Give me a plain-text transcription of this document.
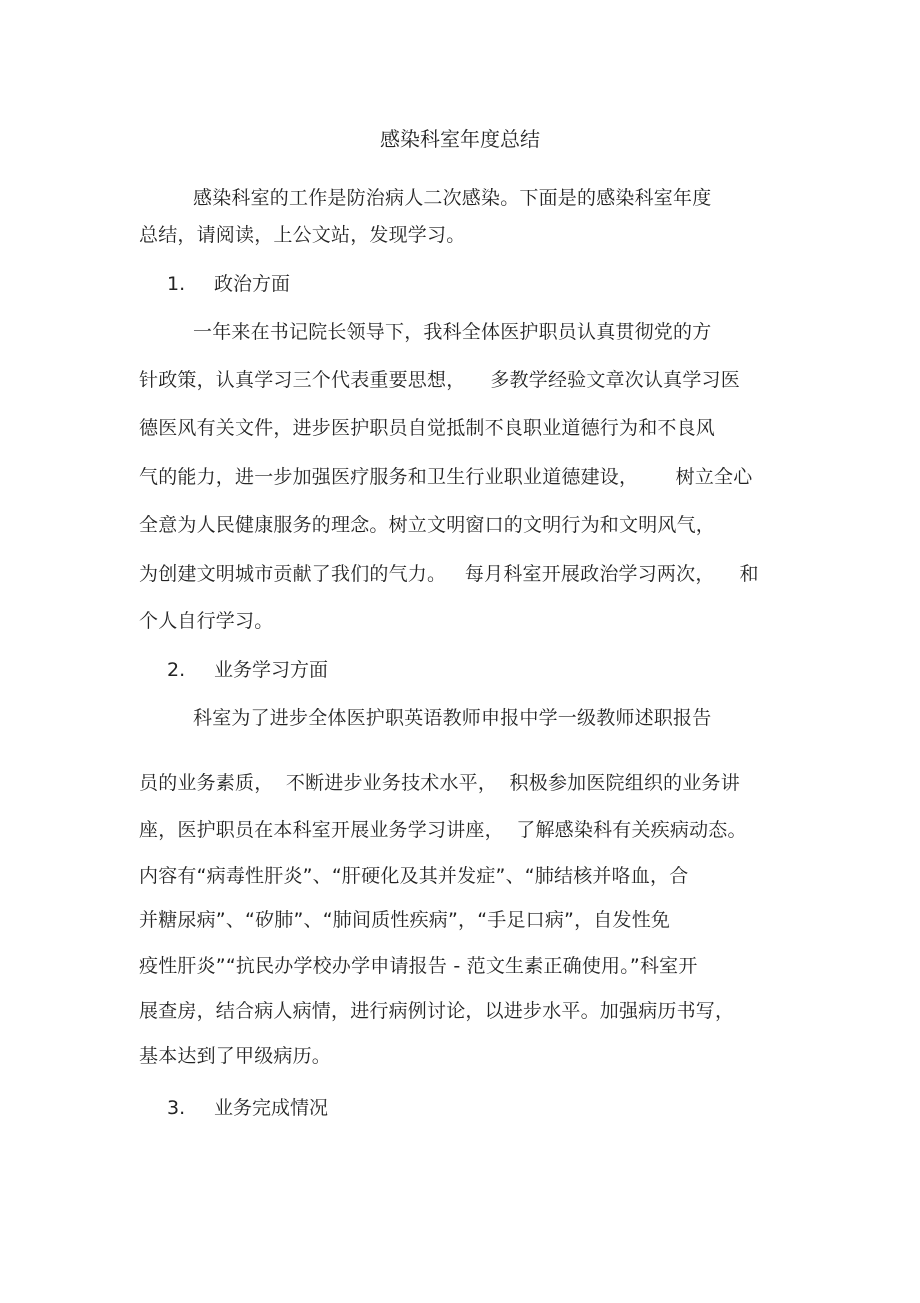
感染科室年度总结
感染科室的工作是防治病人二次感染。下面是的感染科室年度
总结，请阅读，上公文站，发现学习。

1.

政治方面

一年来在书记院长领导下，我科全体医护职员认真贯彻党的方
针政策，认真学习三个代表重要思想，    多教学经验文章次认真学习医
德医风有关文件，进步医护职员自觉抵制不良职业道德行为和不良风
气的能力，进一步加强医疗服务和卫生行业职业道德建设，      树立全心
全意为人民健康服务的理念。树立文明窗口的文明行为和文明风气，
为创建文明城市贡献了我们的气力。   每月科室开展政治学习两次，    和
个人自行学习。

2.

业务学习方面

科室为了进步全体医护职英语教师申报中学一级教师述职报告
员的业务素质，  不断进步业务技术水平，  积极参加医院组织的业务讲
座，医护职员在本科室开展业务学习讲座，  了解感染科有关疾病动态。
内容有“病毒性肝炎”、“肝硬化及其并发症”、“肺结核并咯血，合
并糖尿病”、“矽肺”、“肺间质性疾病”，“手足口病”，自发性免
疫性肝炎”“抗民办学校办学申请报告 - 范文生素正确使用。”科室开
展查房，结合病人病情，进行病例讨论，以进步水平。加强病历书写，
基本达到了甲级病历。

3.

业务完成情况
